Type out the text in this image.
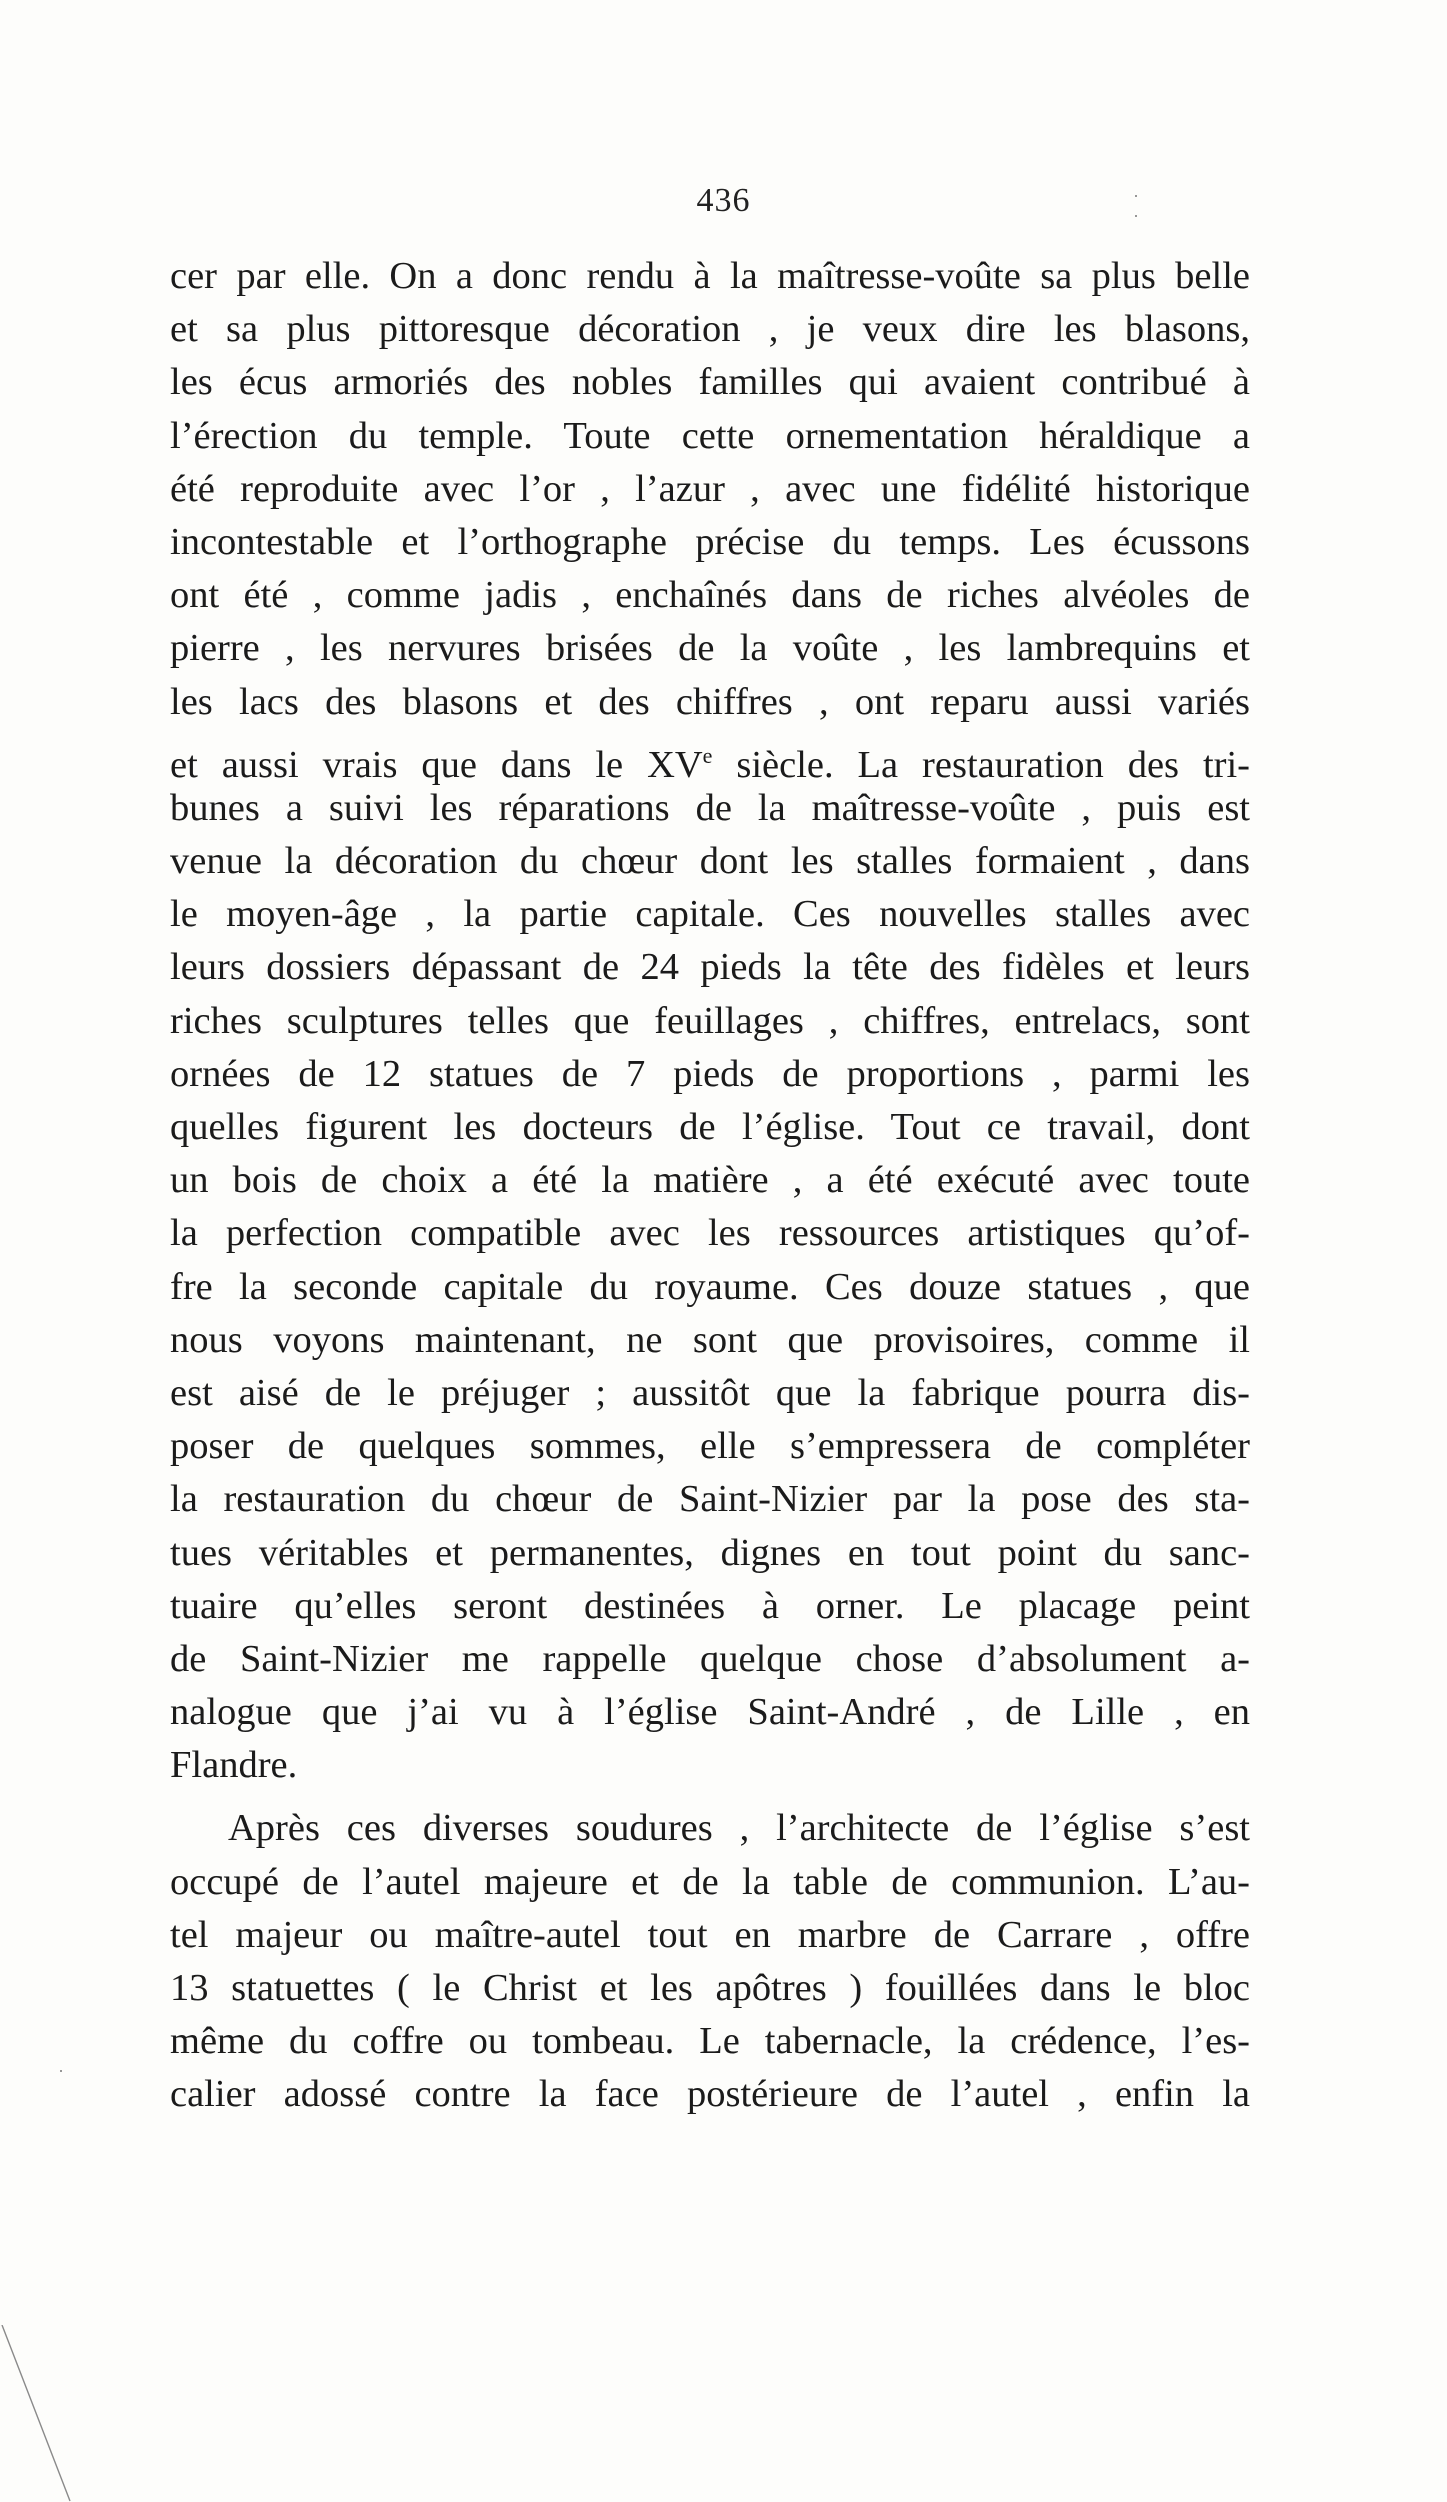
436
cer par elle. On a donc rendu à la maîtresse-voûte sa plus belle
et sa plus pittoresque décoration , je veux dire les blasons,
les écus armoriés des nobles familles qui avaient contribué à
l’érection du temple. Toute cette ornementation héraldique a
été reproduite avec l’or , l’azur , avec une fidélité historique
incontestable et l’orthographe précise du temps. Les écussons
ont été , comme jadis , enchaînés dans de riches alvéoles de
pierre , les nervures brisées de la voûte , les lambrequins et
les lacs des blasons et des chiffres , ont reparu aussi variés
et aussi vrais que dans le XVe siècle. La restauration des tri-
bunes a suivi les réparations de la maîtresse-voûte , puis est
venue la décoration du chœur dont les stalles formaient , dans
le moyen-âge , la partie capitale. Ces nouvelles stalles avec
leurs dossiers dépassant de 24 pieds la tête des fidèles et leurs
riches sculptures telles que feuillages , chiffres, entrelacs, sont
ornées de 12 statues de 7 pieds de proportions , parmi les
quelles figurent les docteurs de l’église. Tout ce travail, dont
un bois de choix a été la matière , a été exécuté avec toute
la perfection compatible avec les ressources artistiques qu’of-
fre la seconde capitale du royaume. Ces douze statues , que
nous voyons maintenant, ne sont que provisoires, comme il
est aisé de le préjuger ; aussitôt que la fabrique pourra dis-
poser de quelques sommes, elle s’empressera de compléter
la restauration du chœur de Saint-Nizier par la pose des sta-
tues véritables et permanentes, dignes en tout point du sanc-
tuaire qu’elles seront destinées à orner. Le placage peint
de Saint-Nizier me rappelle quelque chose d’absolument a-
nalogue que j’ai vu à l’église Saint-André , de Lille , en
Flandre.
Après ces diverses soudures , l’architecte de l’église s’est
occupé de l’autel majeure et de la table de communion. L’au-
tel majeur ou maître-autel tout en marbre de Carrare , offre
13 statuettes ( le Christ et les apôtres ) fouillées dans le bloc
même du coffre ou tombeau. Le tabernacle, la crédence, l’es-
calier adossé contre la face postérieure de l’autel , enfin la
